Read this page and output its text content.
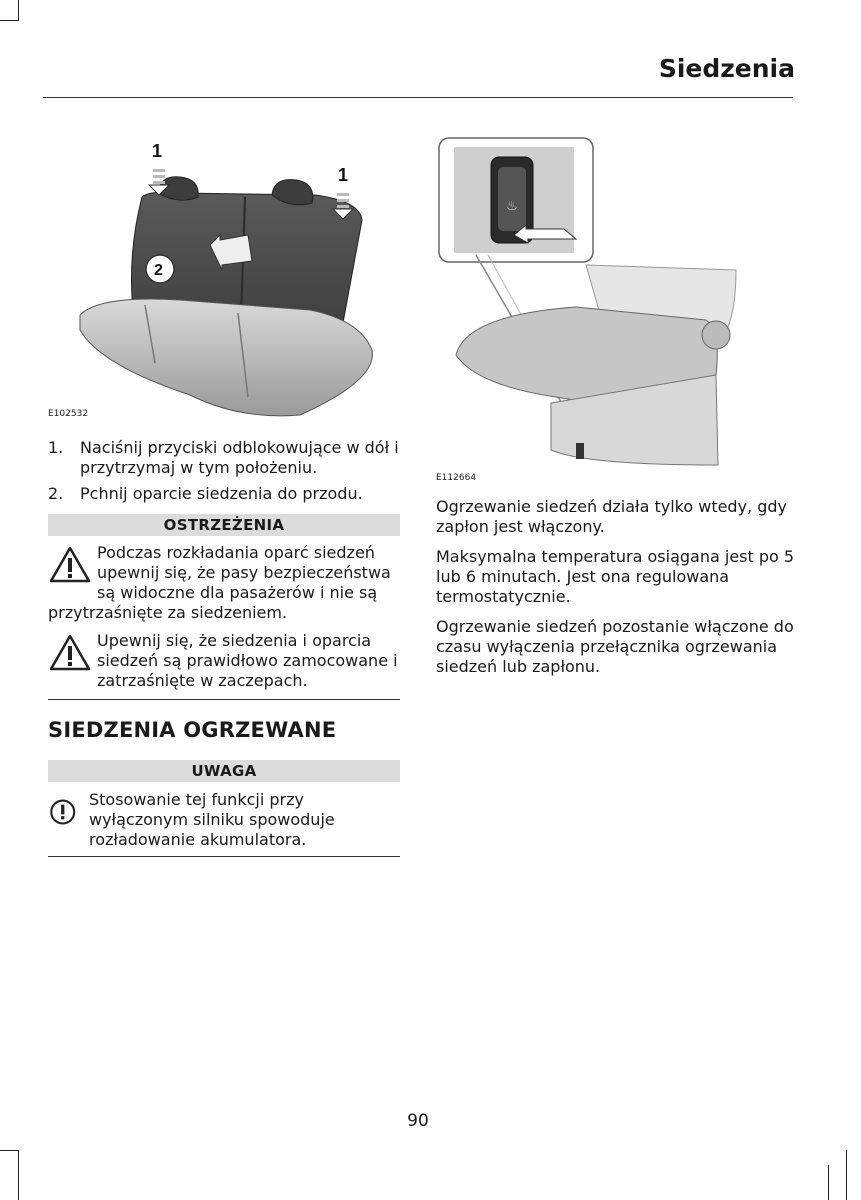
Siedzenia
1
1
2
E102532
♨
E112664
1.	Naciśnij przyciski odblokowujące w dół i przytrzymaj w tym położeniu.
2.	Pchnij oparcie siedzenia do przodu.
OSTRZEŻENIA
Podczas rozkładania oparć siedzeń upewnij się, że pasy bezpieczeństwa są widoczne dla pasażerów i nie są przytrzaśnięte za siedzeniem.
Upewnij się, że siedzenia i oparcia siedzeń są prawidłowo zamocowane i zatrzaśnięte w zaczepach.
SIEDZENIA OGRZEWANE
UWAGA
Stosowanie tej funkcji przy wyłączonym silniku spowoduje rozładowanie akumulatora.
Ogrzewanie siedzeń działa tylko wtedy, gdy zapłon jest włączony.
Maksymalna temperatura osiągana jest po 5 lub 6 minutach. Jest ona regulowana termostatycznie.
Ogrzewanie siedzeń pozostanie włączone do czasu wyłączenia przełącznika ogrzewania siedzeń lub zapłonu.
90
